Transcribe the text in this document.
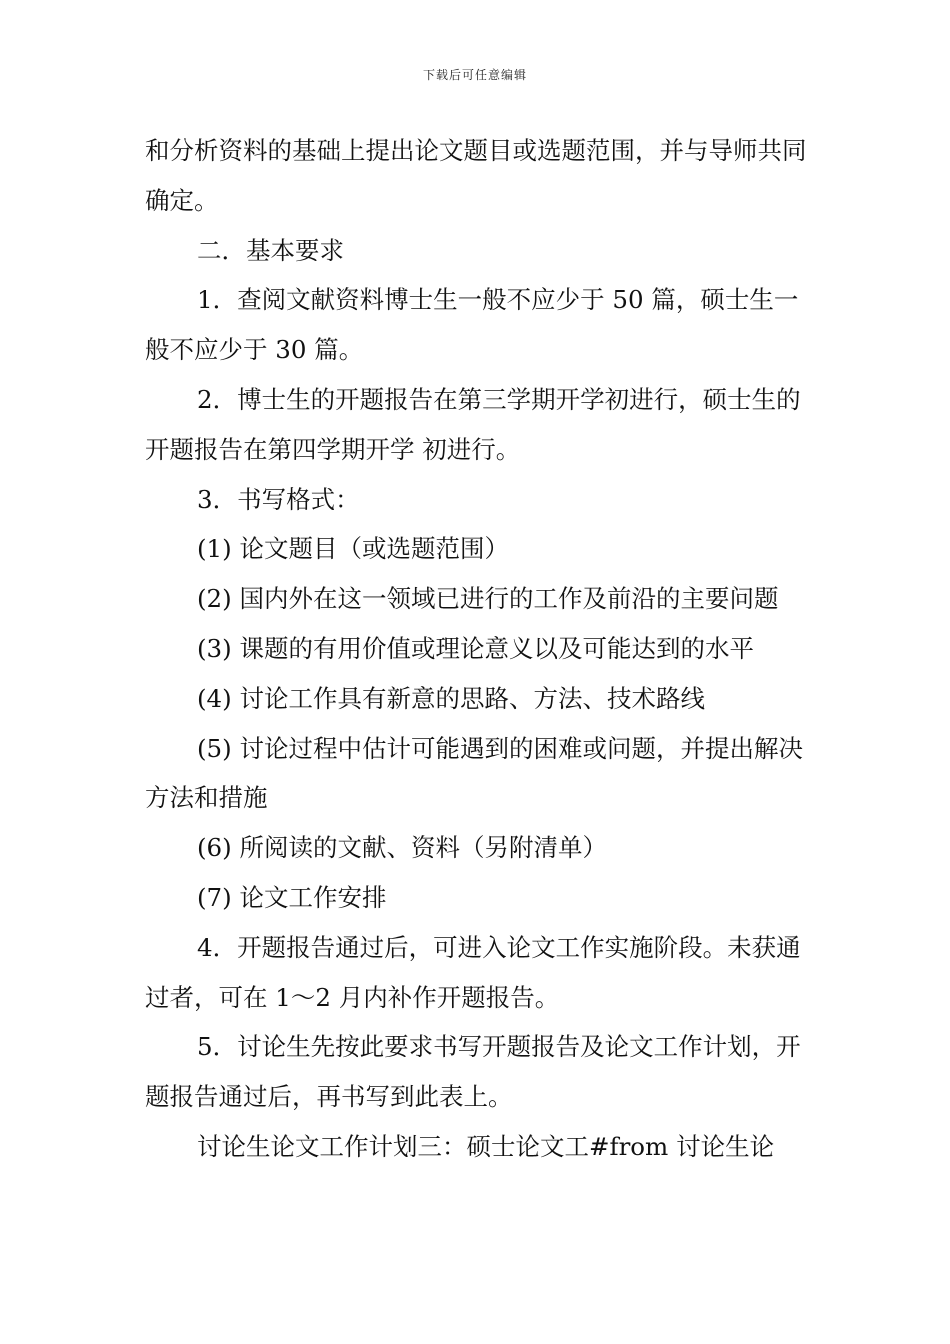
下载后可任意编辑

和分析资料的基础上提出论文题目或选题范围，并与导师共同确定。

二．基本要求

1．查阅文献资料博士生一般不应少于 50 篇，硕士生一般不应少于 30 篇。

2．博士生的开题报告在第三学期开学初进行，硕士生的开题报告在第四学期开学 初进行。

3．书写格式：

(1) 论文题目（或选题范围）

(2) 国内外在这一领域已进行的工作及前沿的主要问题

(3) 课题的有用价值或理论意义以及可能达到的水平

(4) 讨论工作具有新意的思路、方法、技术路线

(5) 讨论过程中估计可能遇到的困难或问题，并提出解决方法和措施

(6) 所阅读的文献、资料（另附清单）

(7) 论文工作安排

4．开题报告通过后，可进入论文工作实施阶段。未获通过者，可在 1～2 月内补作开题报告。

5．讨论生先按此要求书写开题报告及论文工作计划，开题报告通过后，再书写到此表上。

讨论生论文工作计划三：硕士论文工#from 讨论生论
